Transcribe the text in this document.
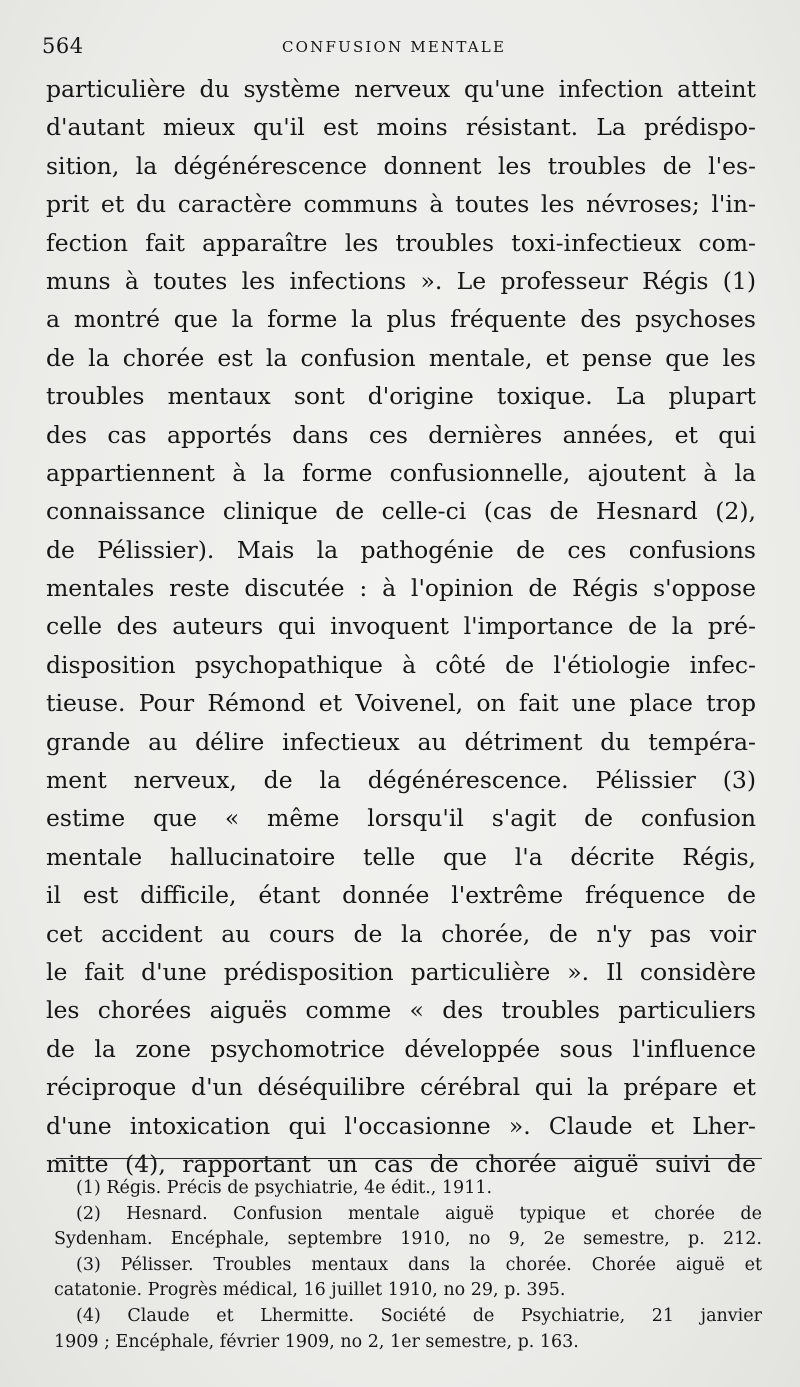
564	CONFUSION MENTALE
particulière du système nerveux qu'une infection atteint
d'autant mieux qu'il est moins résistant. La prédispo-
sition, la dégénérescence donnent les troubles de l'es-
prit et du caractère communs à toutes les névroses; l'in-
fection fait apparaître les troubles toxi-infectieux com-
muns à toutes les infections ». Le professeur Régis (1)
a montré que la forme la plus fréquente des psychoses
de la chorée est la confusion mentale, et pense que les
troubles mentaux sont d'origine toxique. La plupart
des cas apportés dans ces dernières années, et qui
appartiennent à la forme confusionnelle, ajoutent à la
connaissance clinique de celle-ci (cas de Hesnard (2),
de Pélissier). Mais la pathogénie de ces confusions
mentales reste discutée : à l'opinion de Régis s'oppose
celle des auteurs qui invoquent l'importance de la pré-
disposition psychopathique à côté de l'étiologie infec-
tieuse. Pour Rémond et Voivenel, on fait une place trop
grande au délire infectieux au détriment du tempéra-
ment nerveux, de la dégénérescence. Pélissier (3)
estime que « même lorsqu'il s'agit de confusion
mentale hallucinatoire telle que l'a décrite Régis,
il est difficile, étant donnée l'extrême fréquence de
cet accident au cours de la chorée, de n'y pas voir
le fait d'une prédisposition particulière ». Il considère
les chorées aiguës comme « des troubles particuliers
de la zone psychomotrice développée sous l'influence
réciproque d'un déséquilibre cérébral qui la prépare et
d'une intoxication qui l'occasionne ». Claude et Lher-
mitte (4), rapportant un cas de chorée aiguë suivi de
(1) Régis. Précis de psychiatrie, 4e édit., 1911.
(2) Hesnard. Confusion mentale aiguë typique et chorée de
Sydenham. Encéphale, septembre 1910, no 9, 2e semestre, p. 212.
(3) Pélisser. Troubles mentaux dans la chorée. Chorée aiguë et
catatonie. Progrès médical, 16 juillet 1910, no 29, p. 395.
(4) Claude et Lhermitte. Société de Psychiatrie, 21 janvier
1909 ; Encéphale, février 1909, no 2, 1er semestre, p. 163.
